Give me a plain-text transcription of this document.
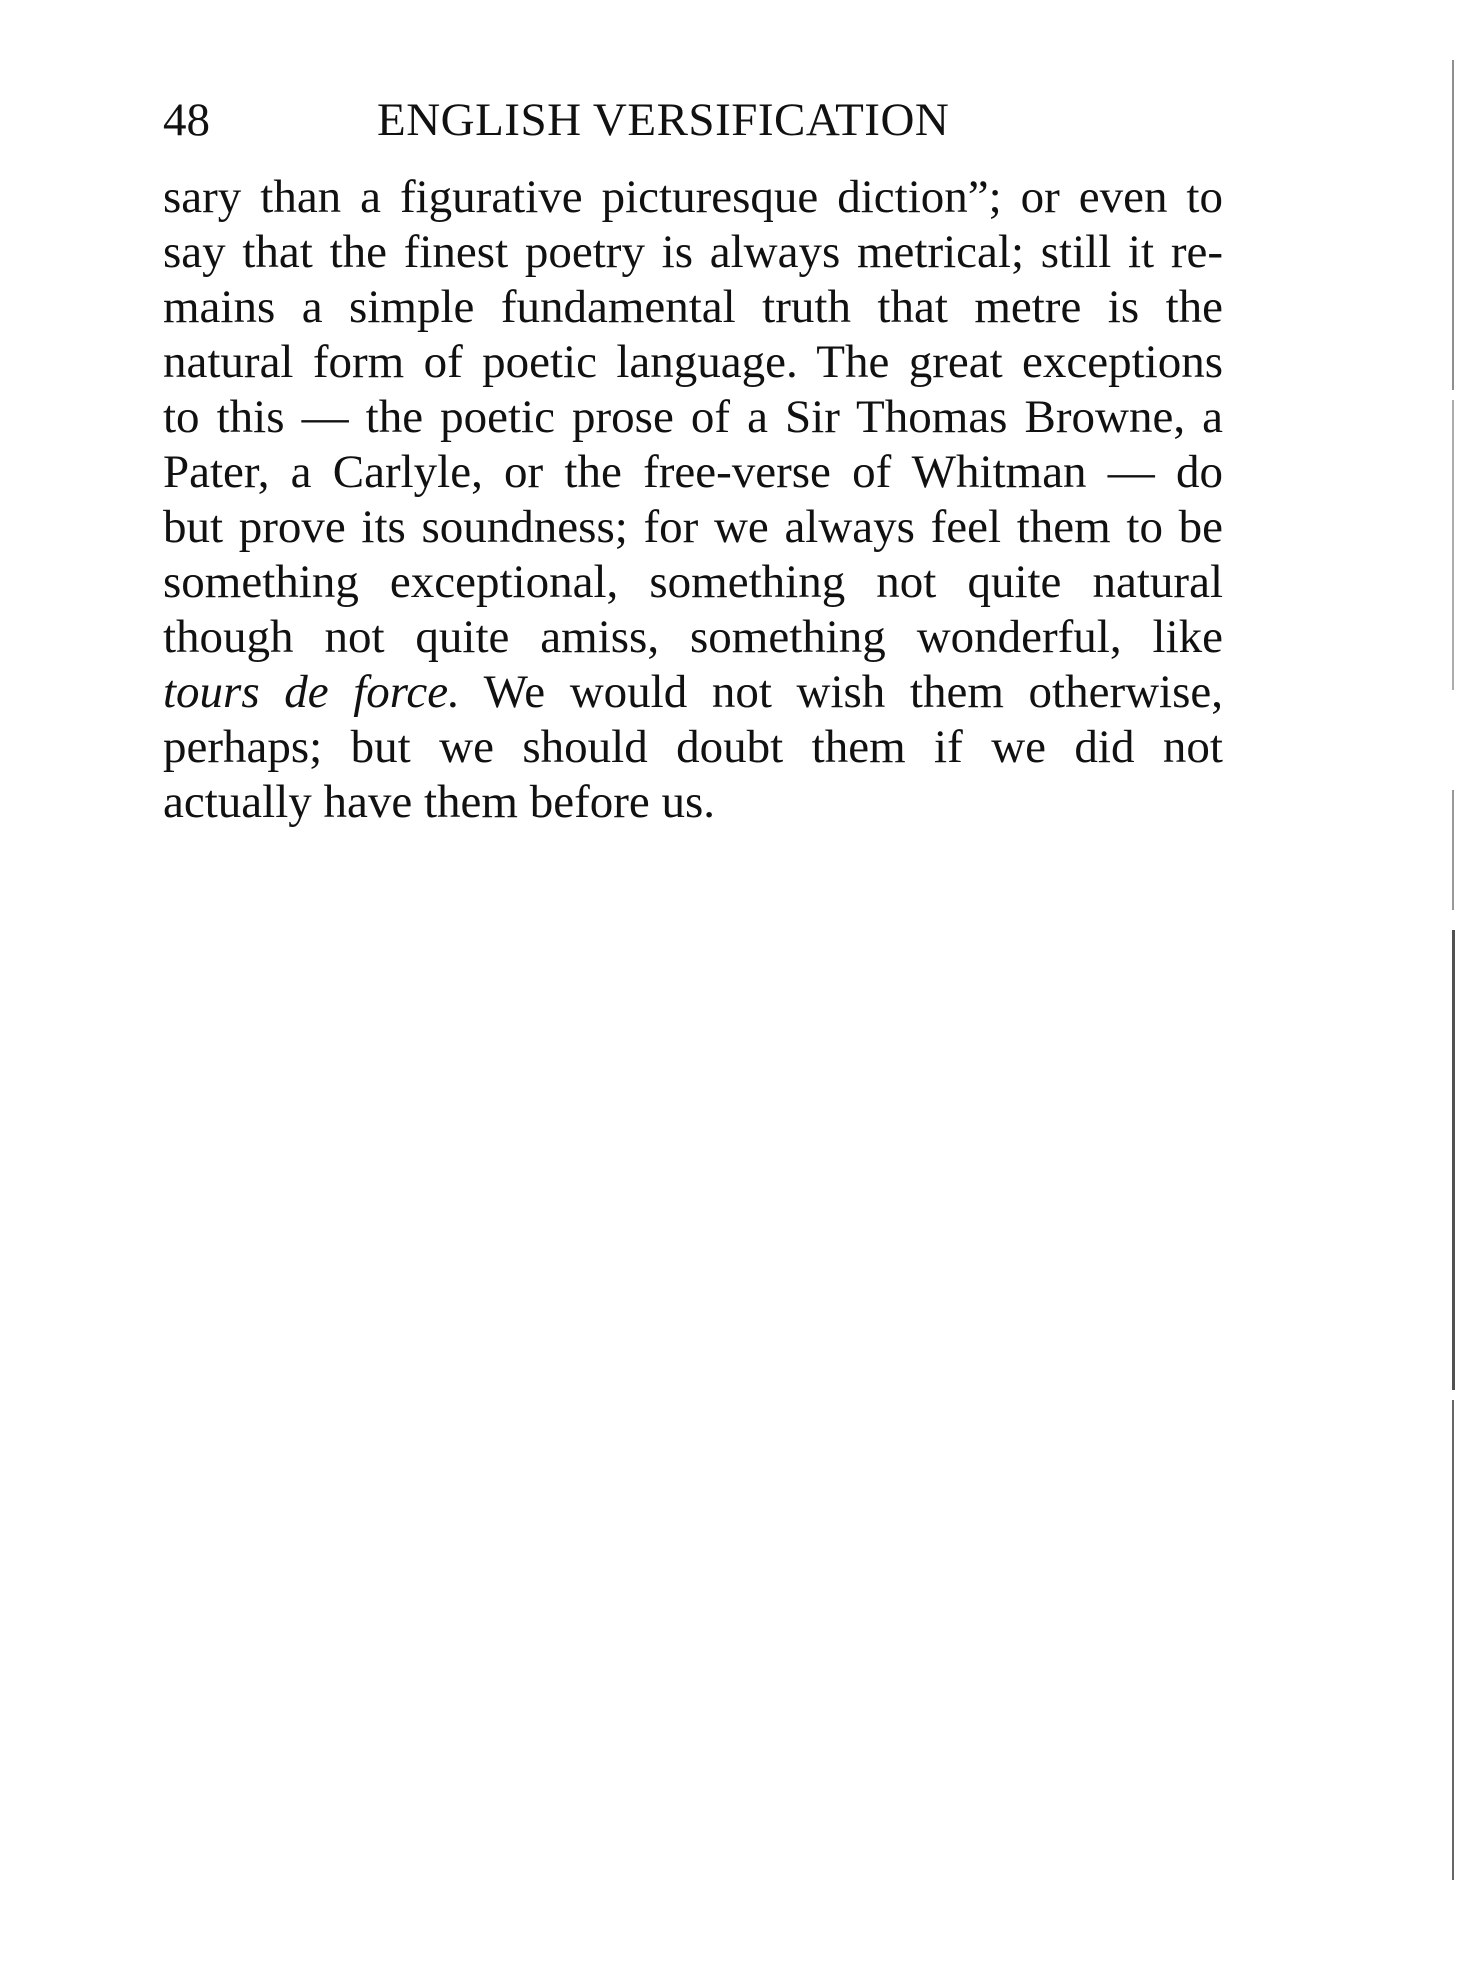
48	ENGLISH VERSIFICATION
sary than a figurative picturesque diction”; or even to
say that the finest poetry is always metrical; still it re-
mains a simple fundamental truth that metre is the
natural form of poetic language. The great exceptions
to this — the poetic prose of a Sir Thomas Browne, a
Pater, a Carlyle, or the free-verse of Whitman — do
but prove its soundness; for we always feel them to be
something exceptional, something not quite natural
though not quite amiss, something wonderful, like
tours de force. We would not wish them otherwise,
perhaps; but we should doubt them if we did not
actually have them before us.
